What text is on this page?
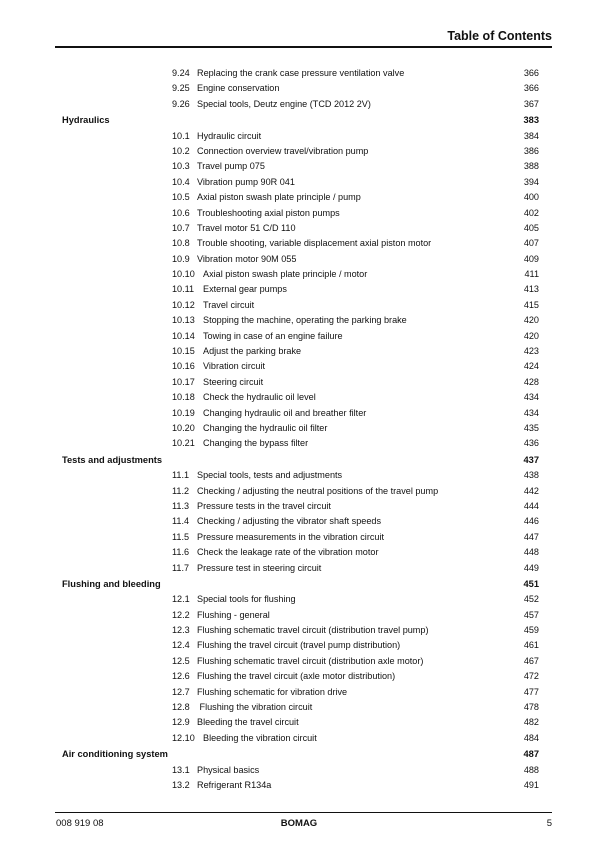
Table of Contents
9.24 Replacing the crank case pressure ventilation valve	366
9.25 Engine conservation	366
9.26 Special tools, Deutz engine (TCD 2012 2V)	367
Hydraulics	383
10.1 Hydraulic circuit	384
10.2 Connection overview travel/vibration pump	386
10.3 Travel pump 075	388
10.4 Vibration pump 90R 041	394
10.5 Axial piston swash plate principle / pump	400
10.6 Troubleshooting axial piston pumps	402
10.7 Travel motor 51 C/D 110	405
10.8 Trouble shooting, variable displacement axial piston motor	407
10.9 Vibration motor 90M 055	409
10.10 Axial piston swash plate principle / motor	411
10.11 External gear pumps	413
10.12 Travel circuit	415
10.13 Stopping the machine, operating the parking brake	420
10.14 Towing in case of an engine failure	420
10.15 Adjust the parking brake	423
10.16 Vibration circuit	424
10.17 Steering circuit	428
10.18 Check the hydraulic oil level	434
10.19 Changing hydraulic oil and breather filter	434
10.20 Changing the hydraulic oil filter	435
10.21 Changing the bypass filter	436
Tests and adjustments	437
11.1 Special tools, tests and adjustments	438
11.2 Checking / adjusting the neutral positions of the travel pump	442
11.3 Pressure tests in the travel circuit	444
11.4 Checking / adjusting the vibrator shaft speeds	446
11.5 Pressure measurements in the vibration circuit	447
11.6 Check the leakage rate of the vibration motor	448
11.7 Pressure test in steering circuit	449
Flushing and bleeding	451
12.1 Special tools for flushing	452
12.2 Flushing - general	457
12.3 Flushing schematic travel circuit (distribution travel pump)	459
12.4 Flushing the travel circuit (travel pump distribution)	461
12.5 Flushing schematic travel circuit (distribution axle motor)	467
12.6 Flushing the travel circuit (axle motor distribution)	472
12.7 Flushing schematic for vibration drive	477
12.8 Flushing the vibration circuit	478
12.9 Bleeding the travel circuit	482
12.10 Bleeding the vibration circuit	484
Air conditioning system	487
13.1 Physical basics	488
13.2 Refrigerant R134a	491
008 919 08	BOMAG	5
